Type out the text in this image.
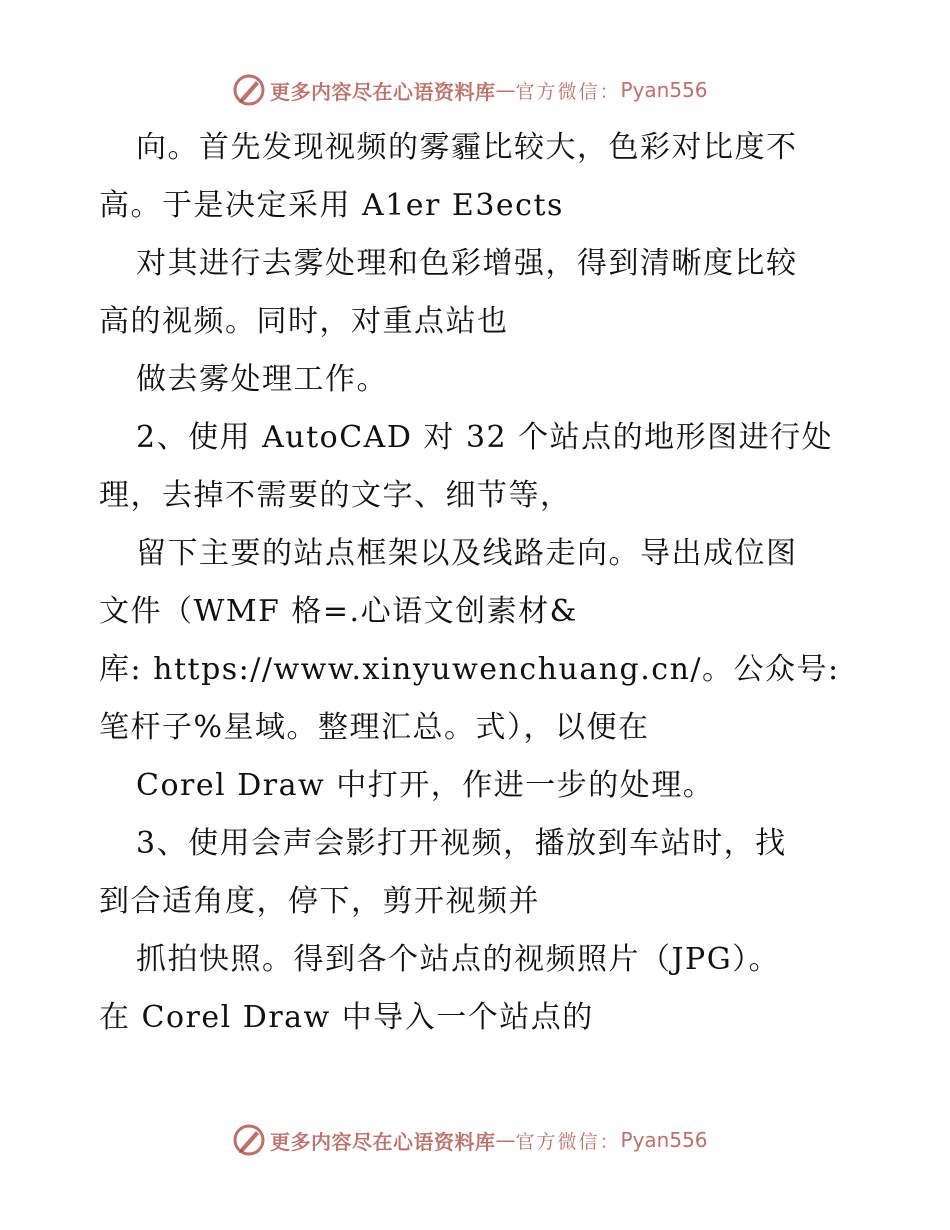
更多内容尽在心语资料库 — 官方微信： Pyan556
向。首先发现视频的雾霾比较大，色彩对比度不
高。于是决定采用 A1er E3ects
对其进行去雾处理和色彩增强，得到清晰度比较
高的视频。同时，对重点站也
做去雾处理工作。
2、使用 AutoCAD 对 32 个站点的地形图进行处
理，去掉不需要的文字、细节等，
留下主要的站点框架以及线路走向。导出成位图
文件（WMF 格=.心语文创素材&
库: https://www.xinyuwenchuang.cn/。公众号:
笔杆子%星域。整理汇总。式），以便在
Corel Draw 中打开，作进一步的处理。
3、使用会声会影打开视频，播放到车站时，找
到合适角度，停下，剪开视频并
抓拍快照。得到各个站点的视频照片（JPG）。
在 Corel Draw 中导入一个站点的
更多内容尽在心语资料库 — 官方微信： Pyan556
